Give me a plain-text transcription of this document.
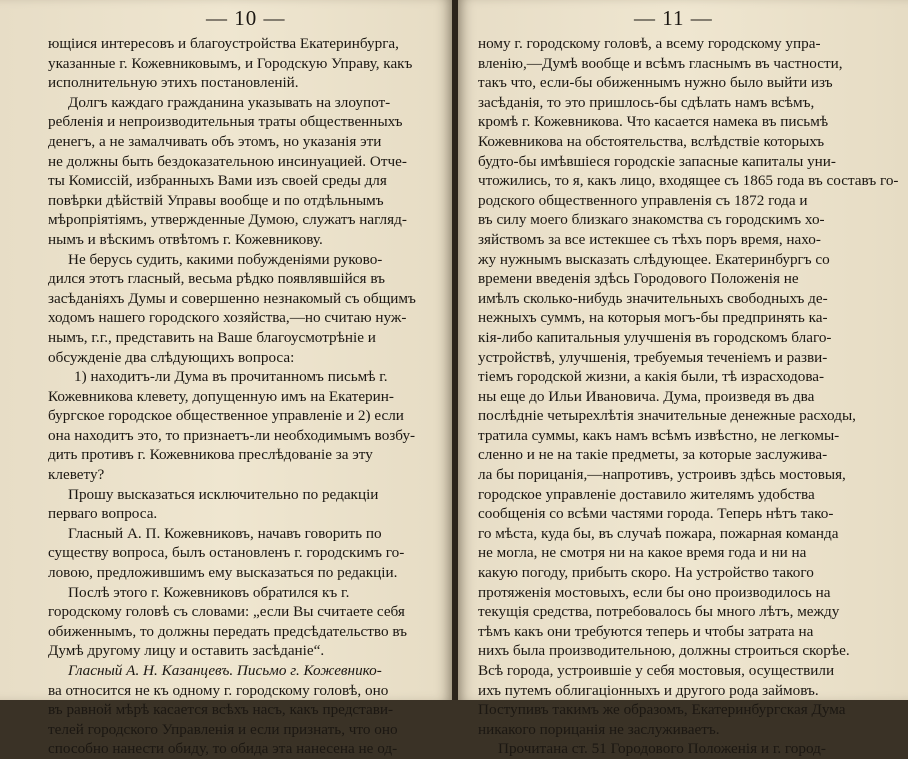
— 10 —
ющіися интересовъ и благоустройства Екатеринбурга,
указанные г. Кожевниковымъ, и Городскую Управу, какъ
исполнительную этихъ постановленій.
Долгъ каждаго гражданина указывать на злоупот-
ребленія и непроизводительныя траты общественныхъ
денегъ, а не замалчивать объ этомъ, но указанія эти
не должны быть бездоказательною инсинуацией. Отче-
ты Комиссій, избранныхъ Вами изъ своей среды для
повѣрки дѣйствій Управы вообще и по отдѣльнымъ
мѣропріятіямъ, утвержденные Думою, служатъ нагляд-
нымъ и вѣскимъ отвѣтомъ г. Кожевникову.
Не берусь судить, какими побужденіями руково-
дился этотъ гласный, весьма рѣдко появлявшійся въ
засѣданіяхъ Думы и совершенно незнакомый съ общимъ
ходомъ нашего городского хозяйства,—но считаю нуж-
нымъ, г.г., представить на Ваше благоусмотрѣніе и
обсужденіе два слѣдующихъ вопроса:
1) находитъ-ли Дума въ прочитанномъ письмѣ г.
Кожевникова клевету, допущенную имъ на Екатерин-
бургское городское общественное управленіе и 2) если
она находитъ это, то признаетъ-ли необходимымъ возбу-
дить противъ г. Кожевникова преслѣдованіе за эту
клевету?
Прошу высказаться исключительно по редакціи
перваго вопроса.
Гласный А. П. Кожевниковъ, начавъ говорить по
существу вопроса, былъ остановленъ г. городскимъ го-
ловою, предложившимъ ему высказаться по редакціи.
Послѣ этого г. Кожевниковъ обратился къ г.
городскому головѣ съ словами: „если Вы считаете себя
обиженнымъ, то должны передать предсѣдательство въ
Думѣ другому лицу и оставить засѣданіе“.
Гласный А. Н. Казанцевъ. Письмо г. Кожевнико-
ва относится не къ одному г. городскому головѣ, оно
въ равной мѣрѣ касается всѣхъ насъ, какъ представи-
телей городского Управленія и если признать, что оно
способно нанести обиду, то обида эта нанесена не од-
— 11 —
ному г. городскому головѣ, а всему городскому упра-
вленію,—Думѣ вообще и всѣмъ гласнымъ въ частности,
такъ что, если-бы обиженнымъ нужно было выйти изъ
засѣданія, то это пришлось-бы сдѣлать намъ всѣмъ,
кромѣ г. Кожевникова. Что касается намека въ письмѣ
Кожевникова на обстоятельства, вслѣдствіе которыхъ
будто-бы имѣвшіеся городскіе запасные капиталы уни-
чтожились, то я, какъ лицо, входящее съ 1865 года въ составъ го-
родского общественного управленія съ 1872 года и
въ силу моего близкаго знакомства съ городскимъ хо-
зяйствомъ за все истекшее съ тѣхъ поръ время, нахо-
жу нужнымъ высказать слѣдующее. Екатеринбургъ со
времени введенія здѣсь Городового Положенія не
имѣлъ сколько-нибудь значительныхъ свободныхъ де-
нежныхъ суммъ, на которыя могъ-бы предпринять ка-
кія-либо капитальныя улучшенія въ городскомъ благо-
устройствѣ, улучшенія, требуемыя теченіемъ и разви-
тіемъ городской жизни, а какія были, тѣ израсходова-
ны еще до Ильи Ивановича. Дума, произведя въ два
послѣдніе четырехлѣтія значительные денежные расходы,
тратила суммы, какъ намъ всѣмъ извѣстно, не легкомы-
сленно и не на такіе предметы, за которые заслужива-
ла бы порицанія,—напротивъ, устроивъ здѣсь мостовыя,
городское управленіе доставило жителямъ удобства
сообщенія со всѣми частями города. Теперь нѣтъ тако-
го мѣста, куда бы, въ случаѣ пожара, пожарная команда
не могла, не смотря ни на какое время года и ни на
какую погоду, прибыть скоро. На устройство такого
протяженія мостовыхъ, если бы оно производилось на
текущія средства, потребовалось бы много лѣтъ, между
тѣмъ какъ они требуются теперь и чтобы затрата на
нихъ была производительною, должны строиться скорѣе.
Всѣ города, устроившіе у себя мостовыя, осуществили
ихъ путемъ облигаціонныхъ и другого рода займовъ.
Поступивъ такимъ же образомъ, Екатеринбургская Дума
никакого порицанія не заслуживаетъ.
Прочитана ст. 51 Городового Положенія и г. город-
